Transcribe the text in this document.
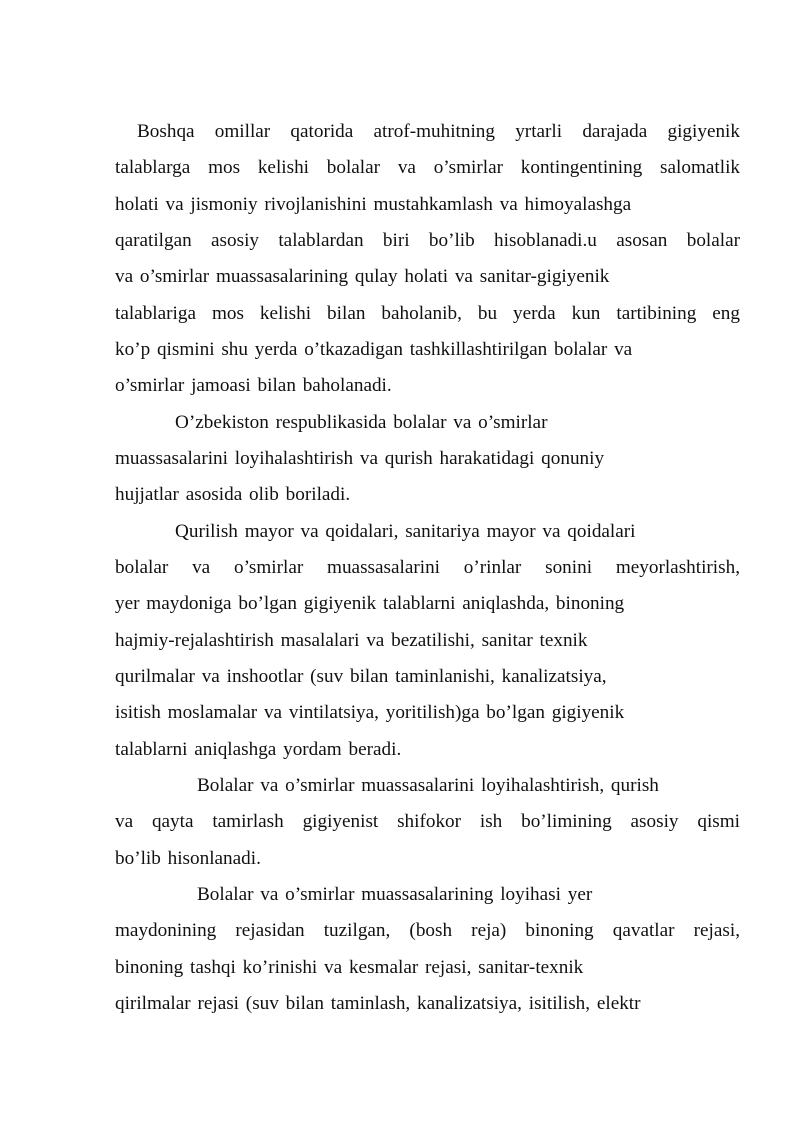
Boshqa omillar qatorida atrof-muhitning yrtarli darajada gigiyenik
talablarga mos kelishi bolalar va o’smirlar kontingentining salomatlik
holati va jismoniy rivojlanishini mustahkamlash va himoyalashga
qaratilgan asosiy talablardan biri bo’lib hisoblanadi.u asosan bolalar
va o’smirlar muassasalarining qulay holati va sanitar-gigiyenik
talablariga mos kelishi bilan baholanib, bu yerda kun tartibining eng
ko’p qismini shu yerda o’tkazadigan tashkillashtirilgan bolalar va
o’smirlar jamoasi bilan baholanadi.
O’zbekiston respublikasida bolalar va o’smirlar
muassasalarini loyihalashtirish va qurish harakatidagi qonuniy
hujjatlar asosida olib boriladi.
Qurilish mayor va qoidalari, sanitariya mayor va qoidalari
bolalar va o’smirlar muassasalarini o’rinlar sonini meyorlashtirish,
yer maydoniga bo’lgan gigiyenik talablarni aniqlashda, binoning
hajmiy-rejalashtirish masalalari va bezatilishi, sanitar texnik
qurilmalar va inshootlar (suv bilan taminlanishi, kanalizatsiya,
isitish moslamalar va vintilatsiya, yoritilish)ga bo’lgan gigiyenik
talablarni aniqlashga yordam beradi.
Bolalar va o’smirlar muassasalarini loyihalashtirish, qurish
va qayta tamirlash gigiyenist shifokor ish bo’limining asosiy qismi
bo’lib hisonlanadi.
Bolalar va o’smirlar muassasalarining loyihasi yer
maydonining rejasidan tuzilgan, (bosh reja) binoning qavatlar rejasi,
binoning tashqi ko’rinishi va kesmalar rejasi, sanitar-texnik
qirilmalar rejasi (suv bilan taminlash, kanalizatsiya, isitilish, elektr
